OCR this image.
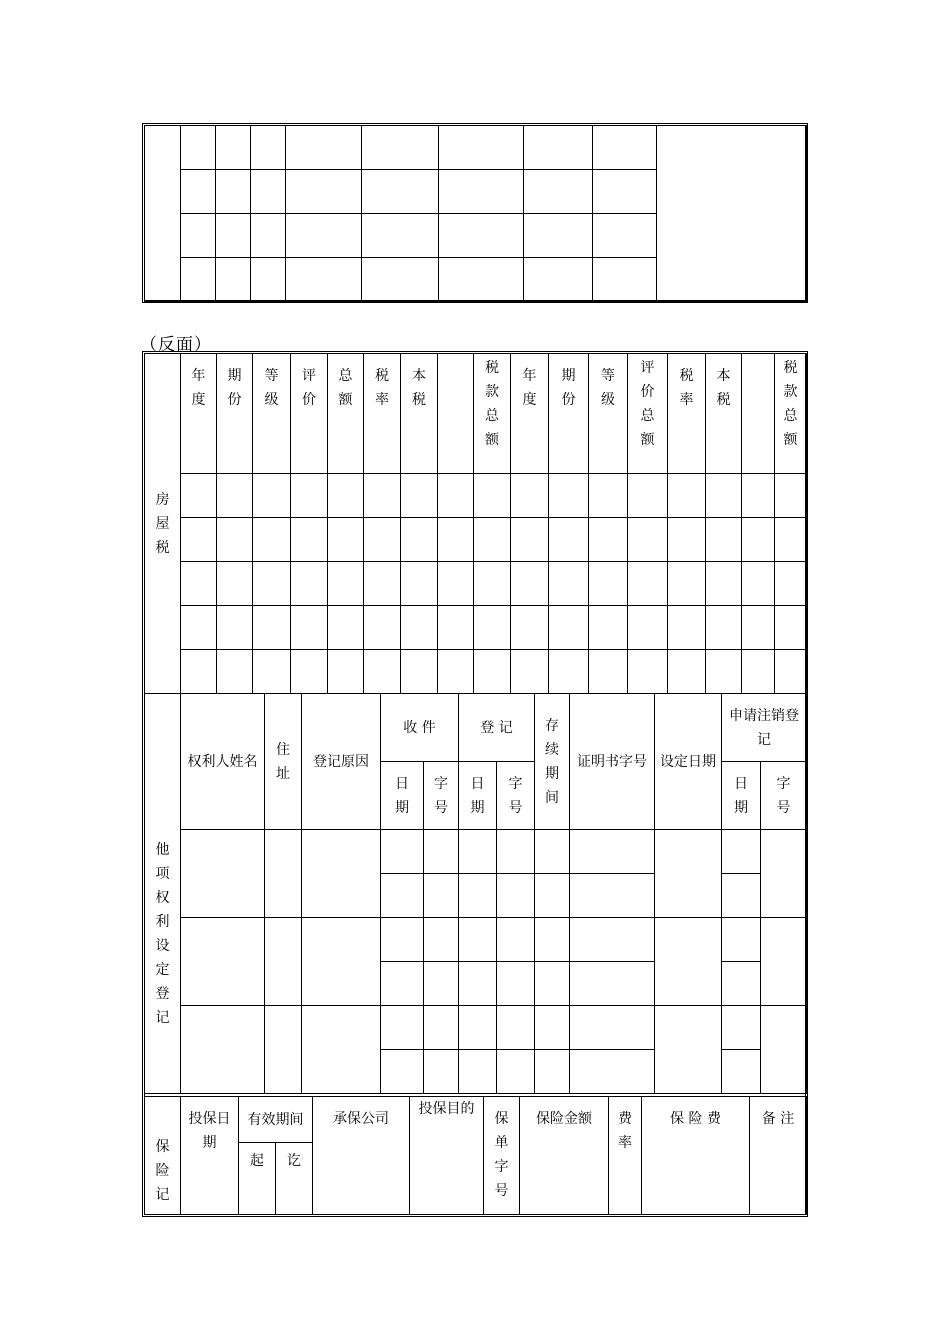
（反面）
房屋税	年度	期份	等级	评价	总额	税率	本税		税款总额	年度	期份	等级	评价总额	税率	本税		税款总额

他项权利设定登记	权利人姓名	住址	登记原因	收 件		登 记		存续期间	证明书字号	设定日期	申请注销登记	

				日期	字号	日期	字号				日期	字号

保险记	投保日期	有效期间		承保公司	投保目的	保单字号	保险金额	费率	保 险 费	备 注
		起	讫							
